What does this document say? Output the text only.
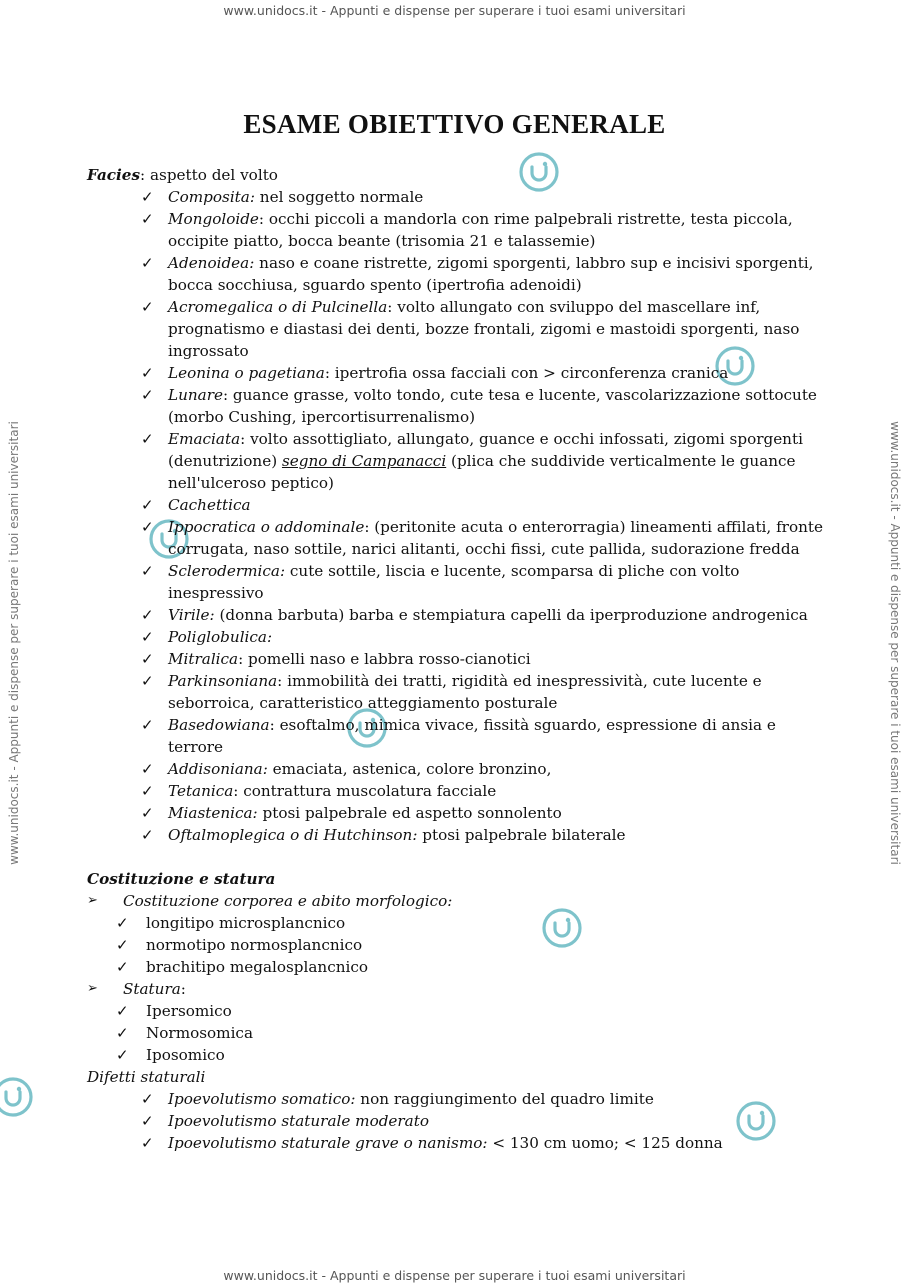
www.unidocs.it - Appunti e dispense per superare i tuoi esami universitari
www.unidocs.it - Appunti e dispense per superare i tuoi esami universitari
www.unidocs.it - Appunti e dispense per superare i tuoi esami universitari	www.unidocs.it - Appunti e dispense per superare i tuoi esami universitari
ESAME OBIETTIVO GENERALE

Facies: aspetto del volto

✓ Composita: nel soggetto normale

✓ Mongoloide: occhi piccoli a mandorla con rime palpebrali ristrette, testa piccola, occipite piatto, bocca beante (trisomia 21 e talassemie)

✓ Adenoidea: naso e coane ristrette, zigomi sporgenti, labbro sup e incisivi sporgenti, bocca socchiusa, sguardo spento (ipertrofia adenoidi)

✓ Acromegalica o di Pulcinella: volto allungato con sviluppo del mascellare inf, prognatismo e diastasi dei denti, bozze frontali, zigomi e mastoidi sporgenti, naso ingrossato

✓ Leonina o pagetiana: ipertrofia ossa facciali con > circonferenza cranica

✓ Lunare: guance grasse, volto tondo, cute tesa e lucente, vascolarizzazione sottocute (morbo Cushing, ipercortisurrenalismo)

✓ Emaciata: volto assottigliato, allungato, guance e occhi infossati, zigomi sporgenti (denutrizione) segno di Campanacci (plica che suddivide verticalmente le guance nell'ulceroso peptico)

✓ Cachettica

✓ Ippocratica o addominale: (peritonite acuta o enterorragia) lineamenti affilati, fronte corrugata, naso sottile, narici alitanti, occhi fissi, cute pallida, sudorazione fredda

✓ Sclerodermica: cute sottile, liscia e lucente, scomparsa di pliche con volto inespressivo

✓ Virile: (donna barbuta) barba e stempiatura capelli da iperproduzione androgenica

✓ Poliglobulica:

✓ Mitralica: pomelli naso e labbra rosso-cianotici

✓ Parkinsoniana: immobilità dei tratti, rigidità ed inespressività, cute lucente e seborroica, caratteristico atteggiamento posturale

✓ Basedowiana: esoftalmo, mimica vivace, fissità sguardo, espressione di ansia e terrore

✓ Addisoniana: emaciata, astenica, colore bronzino,

✓ Tetanica: contrattura muscolatura facciale

✓ Miastenica: ptosi palpebrale ed aspetto sonnolento

✓ Oftalmoplegica o di Hutchinson: ptosi palpebrale bilaterale

Costituzione e statura

➢ Costituzione corporea e abito morfologico:

✓ longitipo microsplancnico

✓ normotipo normosplancnico

✓ brachitipo megalosplancnico

➢ Statura:

✓ Ipersomico

✓ Normosomica

✓ Iposomico

Difetti staturali

✓ Ipoevolutismo somatico: non raggiungimento del quadro limite

✓ Ipoevolutismo staturale moderato

✓ Ipoevolutismo staturale grave o nanismo: < 130 cm uomo; < 125 donna
